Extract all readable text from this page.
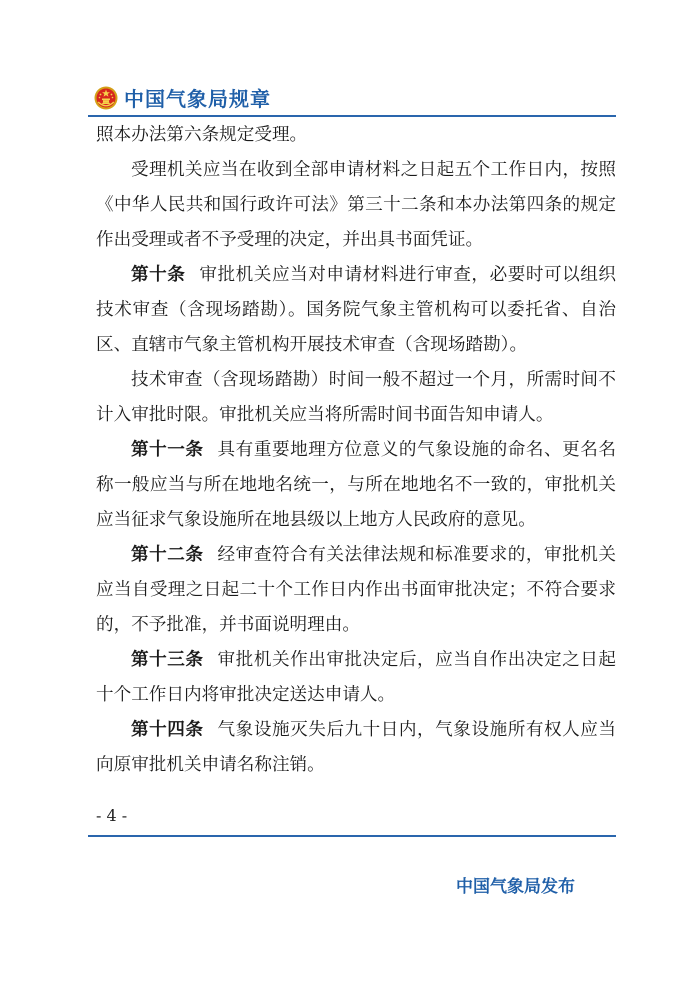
中国气象局规章

照本办法第六条规定受理。

受理机关应当在收到全部申请材料之日起五个工作日内，按照《中华人民共和国行政许可法》第三十二条和本办法第四条的规定作出受理或者不予受理的决定，并出具书面凭证。

第十条 审批机关应当对申请材料进行审查，必要时可以组织技术审查（含现场踏勘）。国务院气象主管机构可以委托省、自治区、直辖市气象主管机构开展技术审查（含现场踏勘）。

技术审查（含现场踏勘）时间一般不超过一个月，所需时间不计入审批时限。审批机关应当将所需时间书面告知申请人。

第十一条 具有重要地理方位意义的气象设施的命名、更名名称一般应当与所在地地名统一，与所在地地名不一致的，审批机关应当征求气象设施所在地县级以上地方人民政府的意见。

第十二条 经审查符合有关法律法规和标准要求的，审批机关应当自受理之日起二十个工作日内作出书面审批决定；不符合要求的，不予批准，并书面说明理由。

第十三条 审批机关作出审批决定后，应当自作出决定之日起十个工作日内将审批决定送达申请人。

第十四条 气象设施灭失后九十日内，气象设施所有权人应当向原审批机关申请名称注销。

- 4 -
中国气象局发布
